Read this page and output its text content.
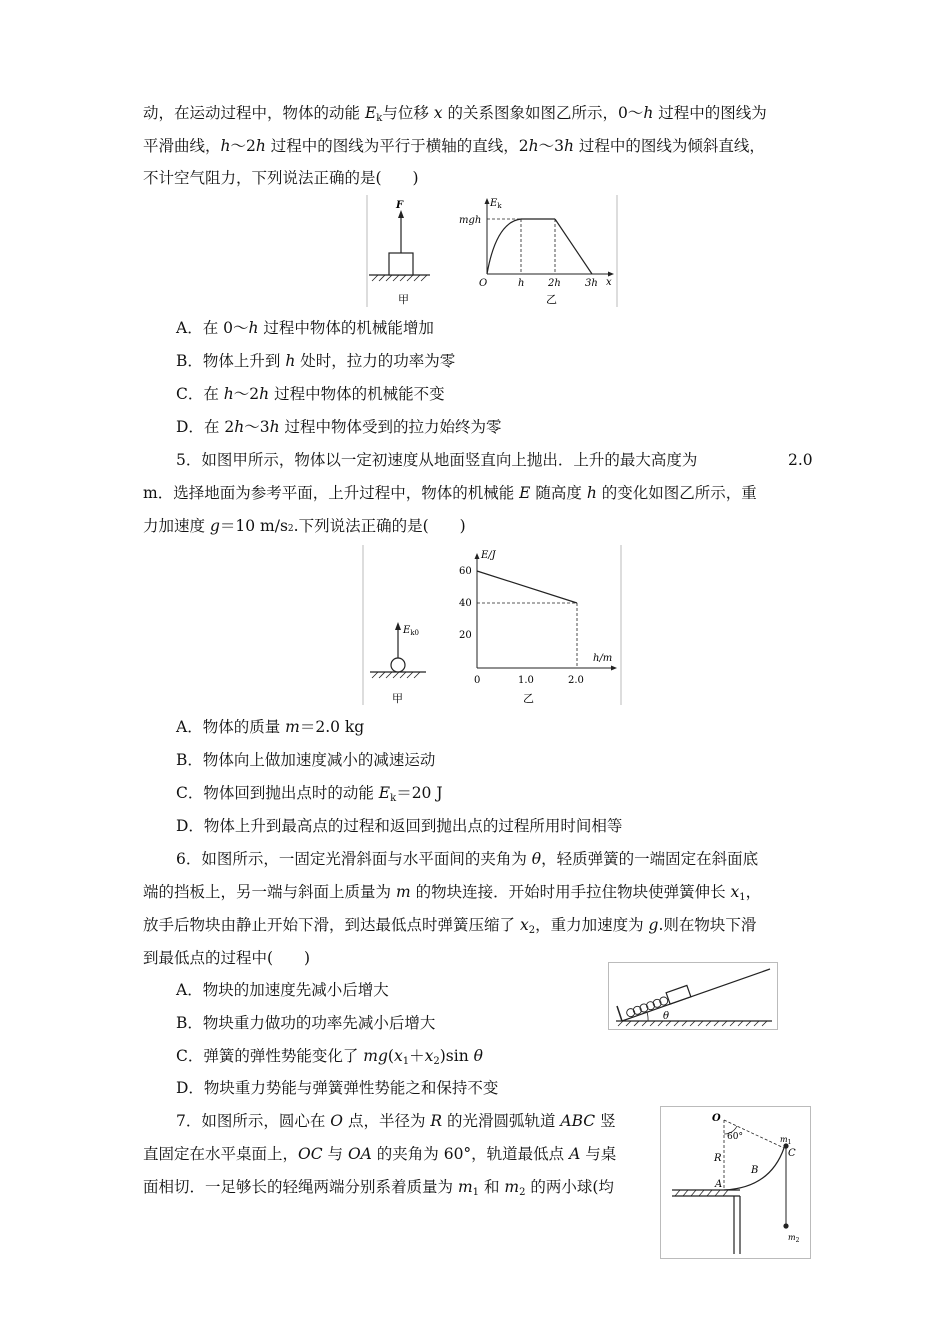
动，在运动过程中，物体的动能 $E_k$与位移 x 的关系图象如图乙所示，0～h 过程中的图线为
平滑曲线，h～2h 过程中的图线为平行于横轴的直线，2h～3h 过程中的图线为倾斜直线，
不计空气阻力，下列说法正确的是(　　)
F
甲
$E_k$
mgh
O	h 2h 3h x
乙
A．在 0～h 过程中物体的机械能增加
B．物体上升到 h 处时，拉力的功率为零
C．在 h～2h 过程中物体的机械能不变
D．在 2h～3h 过程中物体受到的拉力始终为零
5．如图甲所示，物体以一定初速度从地面竖直向上抛出．上升的最大高度为	2.0
m．选择地面为参考平面，上升过程中，物体的机械能 E 随高度 h 的变化如图乙所示，重
力加速度 g＝10 m/s2.下列说法正确的是(　　)
$E_{k0}$
甲
E/J
60
40
20
h/m
0	1.0	2.0
乙
A．物体的质量 m＝2.0 kg
B．物体向上做加速度减小的减速运动
C．物体回到抛出点时的动能 $E_k=20$ J
D．物体上升到最高点的过程和返回到抛出点的过程所用时间相等
6．如图所示，一固定光滑斜面与水平面间的夹角为 θ，轻质弹簧的一端固定在斜面底
端的挡板上，另一端与斜面上质量为 m 的物块连接．开始时用手拉住物块使弹簧伸长 $x_1$，
放手后物块由静止开始下滑，到达最低点时弹簧压缩了 $x_2$，重力加速度为 g.则在物块下滑
到最低点的过程中(　　)
A．物块的加速度先减小后增大
B．物块重力做功的功率先减小后增大
C．弹簧的弹性势能变化了 $mg(x_1+x_2)\sin$ θ
D．物块重力势能与弹簧弹性势能之和保持不变
θ
7．如图所示，圆心在 O 点，半径为 R 的光滑圆弧轨道 ABC 竖
直固定在水平桌面上，OC 与 OA 的夹角为 60°，轨道最低点 A 与桌
面相切．一足够长的轻绳两端分别系着质量为 $m_1$ 和 $m_2$ 的两小球(均
O
60°
R
B
A
C
$m_1$
$m_2$
